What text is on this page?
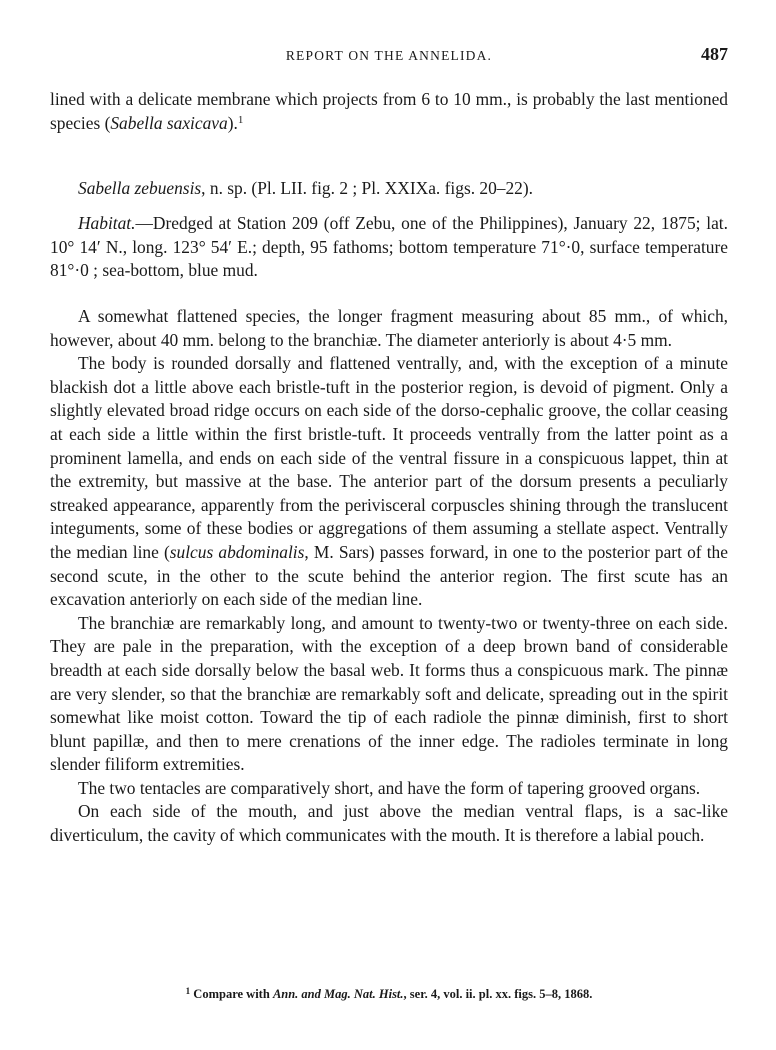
REPORT ON THE ANNELIDA.	487

lined with a delicate membrane which projects from 6 to 10 mm., is probably the last mentioned species (Sabella saxicava).$^1$

Sabella zebuensis, n. sp. (Pl. LII. fig. 2 ; Pl. XXIXa. figs. 20–22).

Habitat.—Dredged at Station 209 (off Zebu, one of the Philippines), January 22, 1875; lat. 10° 14′ N., long. 123° 54′ E.; depth, 95 fathoms; bottom temperature 71°·0, surface temperature 81°·0 ; sea-bottom, blue mud.

A somewhat flattened species, the longer fragment measuring about 85 mm., of which, however, about 40 mm. belong to the branchiæ. The diameter anteriorly is about 4·5 mm.

The body is rounded dorsally and flattened ventrally, and, with the exception of a minute blackish dot a little above each bristle-tuft in the posterior region, is devoid of pigment. Only a slightly elevated broad ridge occurs on each side of the dorso-cephalic groove, the collar ceasing at each side a little within the first bristle-tuft. It proceeds ventrally from the latter point as a prominent lamella, and ends on each side of the ventral fissure in a conspicuous lappet, thin at the extremity, but massive at the base. The anterior part of the dorsum presents a peculiarly streaked appearance, apparently from the perivisceral corpuscles shining through the translucent integuments, some of these bodies or aggregations of them assuming a stellate aspect. Ventrally the median line (sulcus abdominalis, M. Sars) passes forward, in one to the posterior part of the second scute, in the other to the scute behind the anterior region. The first scute has an excavation anteriorly on each side of the median line.

The branchiæ are remarkably long, and amount to twenty-two or twenty-three on each side. They are pale in the preparation, with the exception of a deep brown band of considerable breadth at each side dorsally below the basal web. It forms thus a conspicuous mark. The pinnæ are very slender, so that the branchiæ are remarkably soft and delicate, spreading out in the spirit somewhat like moist cotton. Toward the tip of each radiole the pinnæ diminish, first to short blunt papillæ, and then to mere crenations of the inner edge. The radioles terminate in long slender filiform extremities.

The two tentacles are comparatively short, and have the form of tapering grooved organs.

On each side of the mouth, and just above the median ventral flaps, is a sac-like diverticulum, the cavity of which communicates with the mouth. It is therefore a labial pouch.

$^1$ Compare with Ann. and Mag. Nat. Hist., ser. 4, vol. ii. pl. xx. figs. 5–8, 1868.
